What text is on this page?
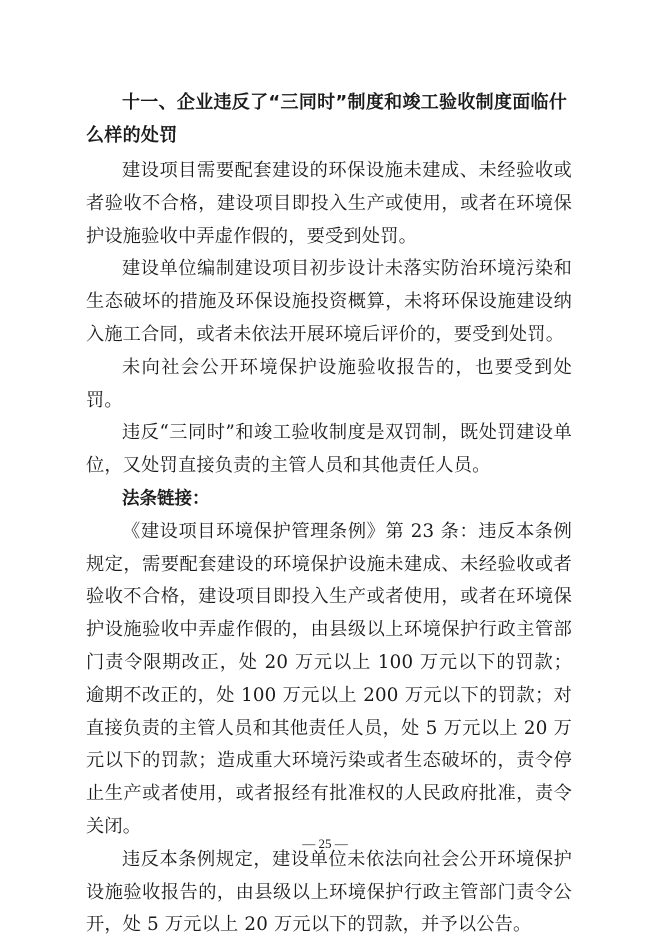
十一、企业违反了“三同时”制度和竣工验收制度面临什么样的处罚

建设项目需要配套建设的环保设施未建成、未经验收或者验收不合格，建设项目即投入生产或使用，或者在环境保护设施验收中弄虚作假的，要受到处罚。

建设单位编制建设项目初步设计未落实防治环境污染和生态破坏的措施及环保设施投资概算，未将环保设施建设纳入施工合同，或者未依法开展环境后评价的，要受到处罚。

未向社会公开环境保护设施验收报告的，也要受到处罚。

违反“三同时”和竣工验收制度是双罚制，既处罚建设单位，又处罚直接负责的主管人员和其他责任人员。

法条链接：

《建设项目环境保护管理条例》第 23 条：违反本条例规定，需要配套建设的环境保护设施未建成、未经验收或者验收不合格，建设项目即投入生产或者使用，或者在环境保护设施验收中弄虚作假的，由县级以上环境保护行政主管部门责令限期改正，处 20 万元以上 100 万元以下的罚款；逾期不改正的，处 100 万元以上 200 万元以下的罚款；对直接负责的主管人员和其他责任人员，处 5 万元以上 20 万元以下的罚款；造成重大环境污染或者生态破坏的，责令停止生产或者使用，或者报经有批准权的人民政府批准，责令关闭。

违反本条例规定，建设单位未依法向社会公开环境保护设施验收报告的，由县级以上环境保护行政主管部门责令公开，处 5 万元以上 20 万元以下的罚款，并予以公告。

— 25 —
